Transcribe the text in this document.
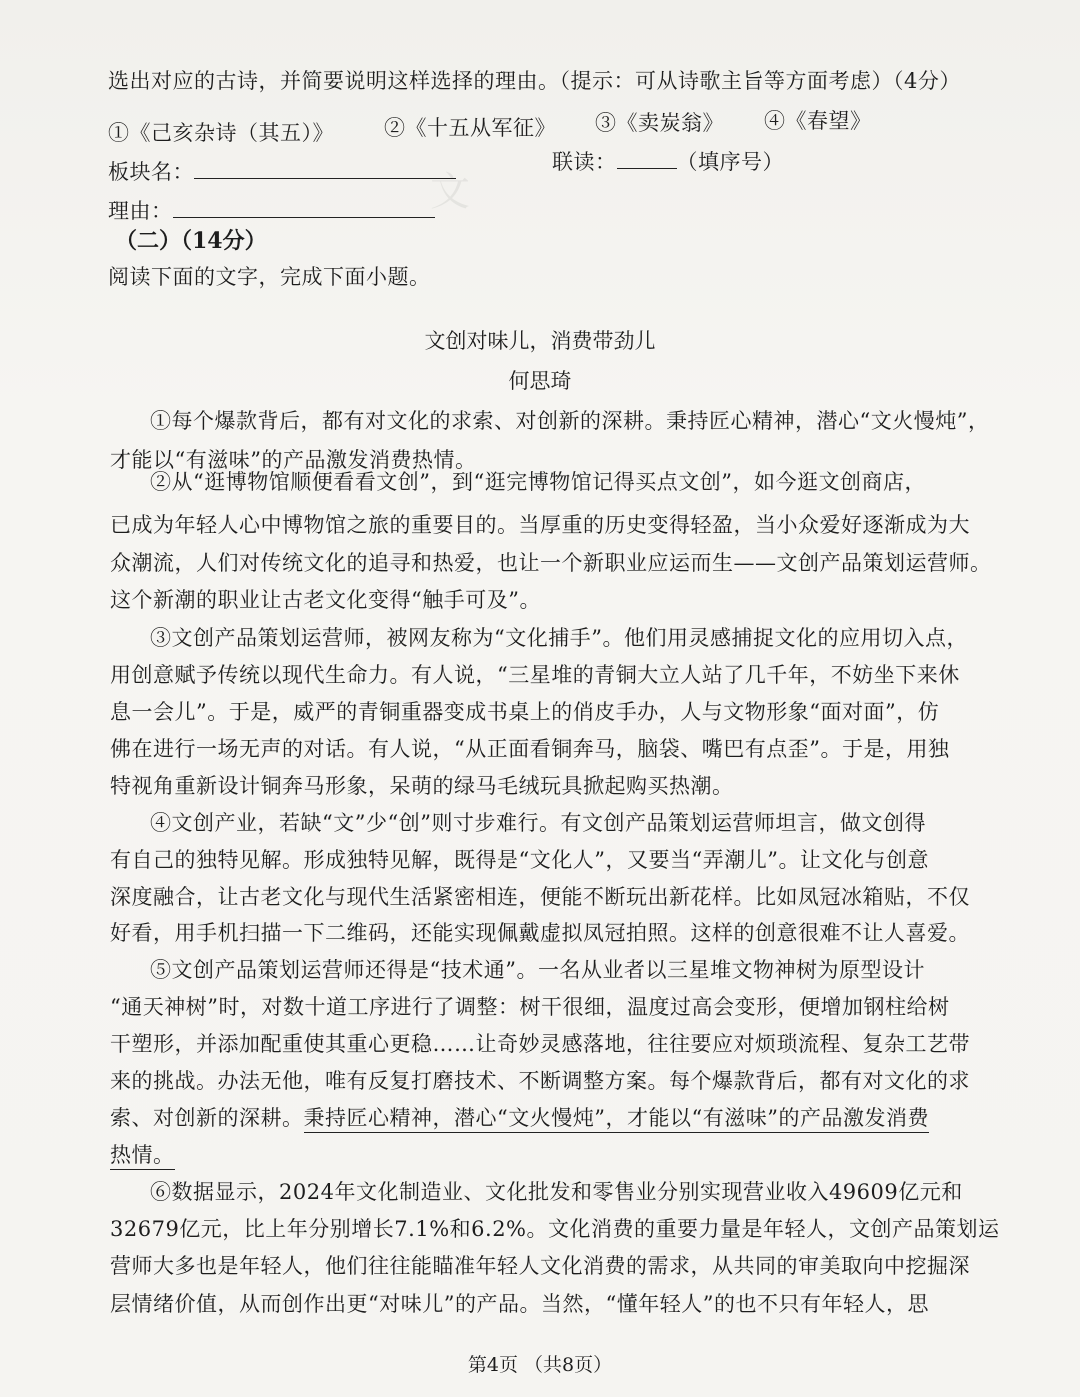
文
选出对应的古诗，并简要说明这样选择的理由。（提示：可从诗歌主旨等方面考虑）（4分）
①《己亥杂诗（其五）》 ②《十五从军征》 ③《卖炭翁》 ④《春望》
板块名：	联读：	（填序号）
理由：
（二）（14分）
阅读下面的文字，完成下面小题。
文创对味儿，消费带劲儿
何思琦
①每个爆款背后，都有对文化的求索、对创新的深耕。秉持匠心精神，潜心“文火慢炖”，
才能以“有滋味”的产品激发消费热情。
②从“逛博物馆顺便看看文创”，到“逛完博物馆记得买点文创”，如今逛文创商店，
已成为年轻人心中博物馆之旅的重要目的。当厚重的历史变得轻盈，当小众爱好逐渐成为大
众潮流，人们对传统文化的追寻和热爱，也让一个新职业应运而生——文创产品策划运营师。
这个新潮的职业让古老文化变得“触手可及”。
③文创产品策划运营师，被网友称为“文化捕手”。他们用灵感捕捉文化的应用切入点，
用创意赋予传统以现代生命力。有人说，“三星堆的青铜大立人站了几千年，不妨坐下来休
息一会儿”。于是，威严的青铜重器变成书桌上的俏皮手办，人与文物形象“面对面”，仿
佛在进行一场无声的对话。有人说，“从正面看铜奔马，脑袋、嘴巴有点歪”。于是，用独
特视角重新设计铜奔马形象，呆萌的绿马毛绒玩具掀起购买热潮。
④文创产业，若缺“文”少“创”则寸步难行。有文创产品策划运营师坦言，做文创得
有自己的独特见解。形成独特见解，既得是“文化人”，又要当“弄潮儿”。让文化与创意
深度融合，让古老文化与现代生活紧密相连，便能不断玩出新花样。比如凤冠冰箱贴，不仅
好看，用手机扫描一下二维码，还能实现佩戴虚拟凤冠拍照。这样的创意很难不让人喜爱。
⑤文创产品策划运营师还得是“技术通”。一名从业者以三星堆文物神树为原型设计
“通天神树”时，对数十道工序进行了调整：树干很细，温度过高会变形，便增加钢柱给树
干塑形，并添加配重使其重心更稳……让奇妙灵感落地，往往要应对烦琐流程、复杂工艺带
来的挑战。办法无他，唯有反复打磨技术、不断调整方案。每个爆款背后，都有对文化的求
索、对创新的深耕。秉持匠心精神，潜心“文火慢炖”，才能以“有滋味”的产品激发消费
热情。
⑥数据显示，2024年文化制造业、文化批发和零售业分别实现营业收入49609亿元和
32679亿元，比上年分别增长7.1%和6.2%。文化消费的重要力量是年轻人，文创产品策划运
营师大多也是年轻人，他们往往能瞄准年轻人文化消费的需求，从共同的审美取向中挖掘深
层情绪价值，从而创作出更“对味儿”的产品。当然，“懂年轻人”的也不只有年轻人，思
第4页 （共8页）
